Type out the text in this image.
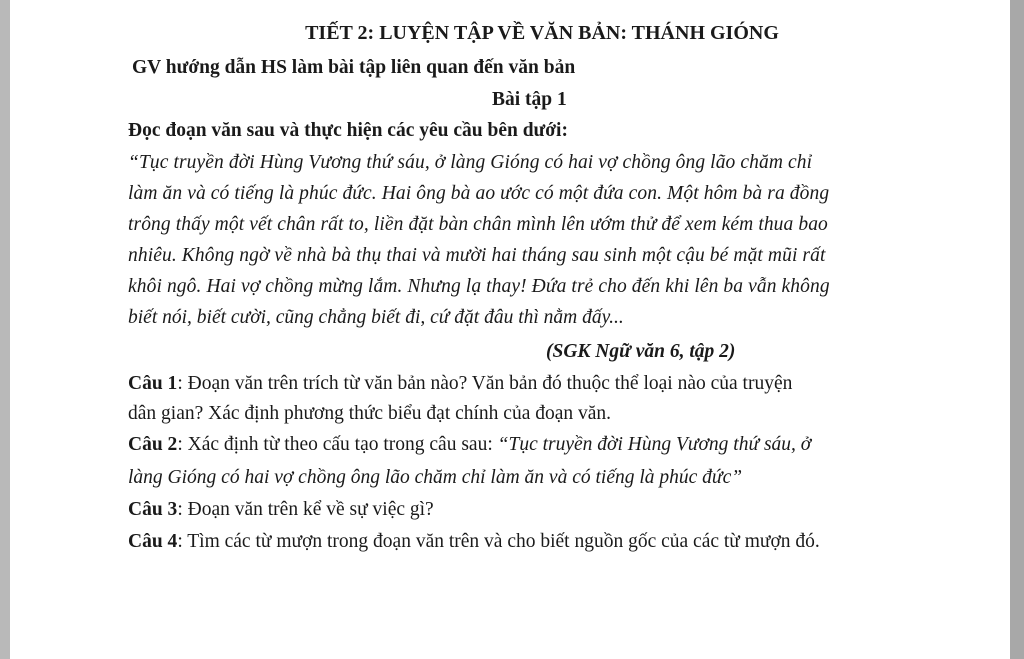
TIẾT 2: LUYỆN TẬP VỀ VĂN BẢN: THÁNH GIÓNG
GV hướng dẫn HS làm bài tập liên quan đến văn bản
Bài tập 1
Đọc đoạn văn sau và thực hiện các yêu cầu bên dưới:
“Tục truyền đời Hùng Vương thứ sáu, ở làng Gióng có hai vợ chồng ông lão chăm chỉ
làm ăn và có tiếng là phúc đức. Hai ông bà ao ước có một đứa con. Một hôm bà ra đồng
trông thấy một vết chân rất to, liền đặt bàn chân mình lên ướm thử để xem kém thua bao
nhiêu. Không ngờ về nhà bà thụ thai và mười hai tháng sau sinh một cậu bé mặt mũi rất
khôi ngô. Hai vợ chồng mừng lắm. Nhưng lạ thay! Đứa trẻ cho đến khi lên ba vẫn không
biết nói, biết cười, cũng chẳng biết đi, cứ đặt đâu thì nằm đấy...
(SGK Ngữ văn 6, tập 2)
Câu 1: Đoạn văn trên trích từ văn bản nào? Văn bản đó thuộc thể loại nào của truyện
dân gian? Xác định phương thức biểu đạt chính của đoạn văn.
Câu 2: Xác định từ theo cấu tạo trong câu sau: “Tục truyền đời Hùng Vương thứ sáu, ở
làng Gióng có hai vợ chồng ông lão chăm chỉ làm ăn và có tiếng là phúc đức”
Câu 3: Đoạn văn trên kể về sự việc gì?
Câu 4: Tìm các từ mượn trong đoạn văn trên và cho biết nguồn gốc của các từ mượn đó.
